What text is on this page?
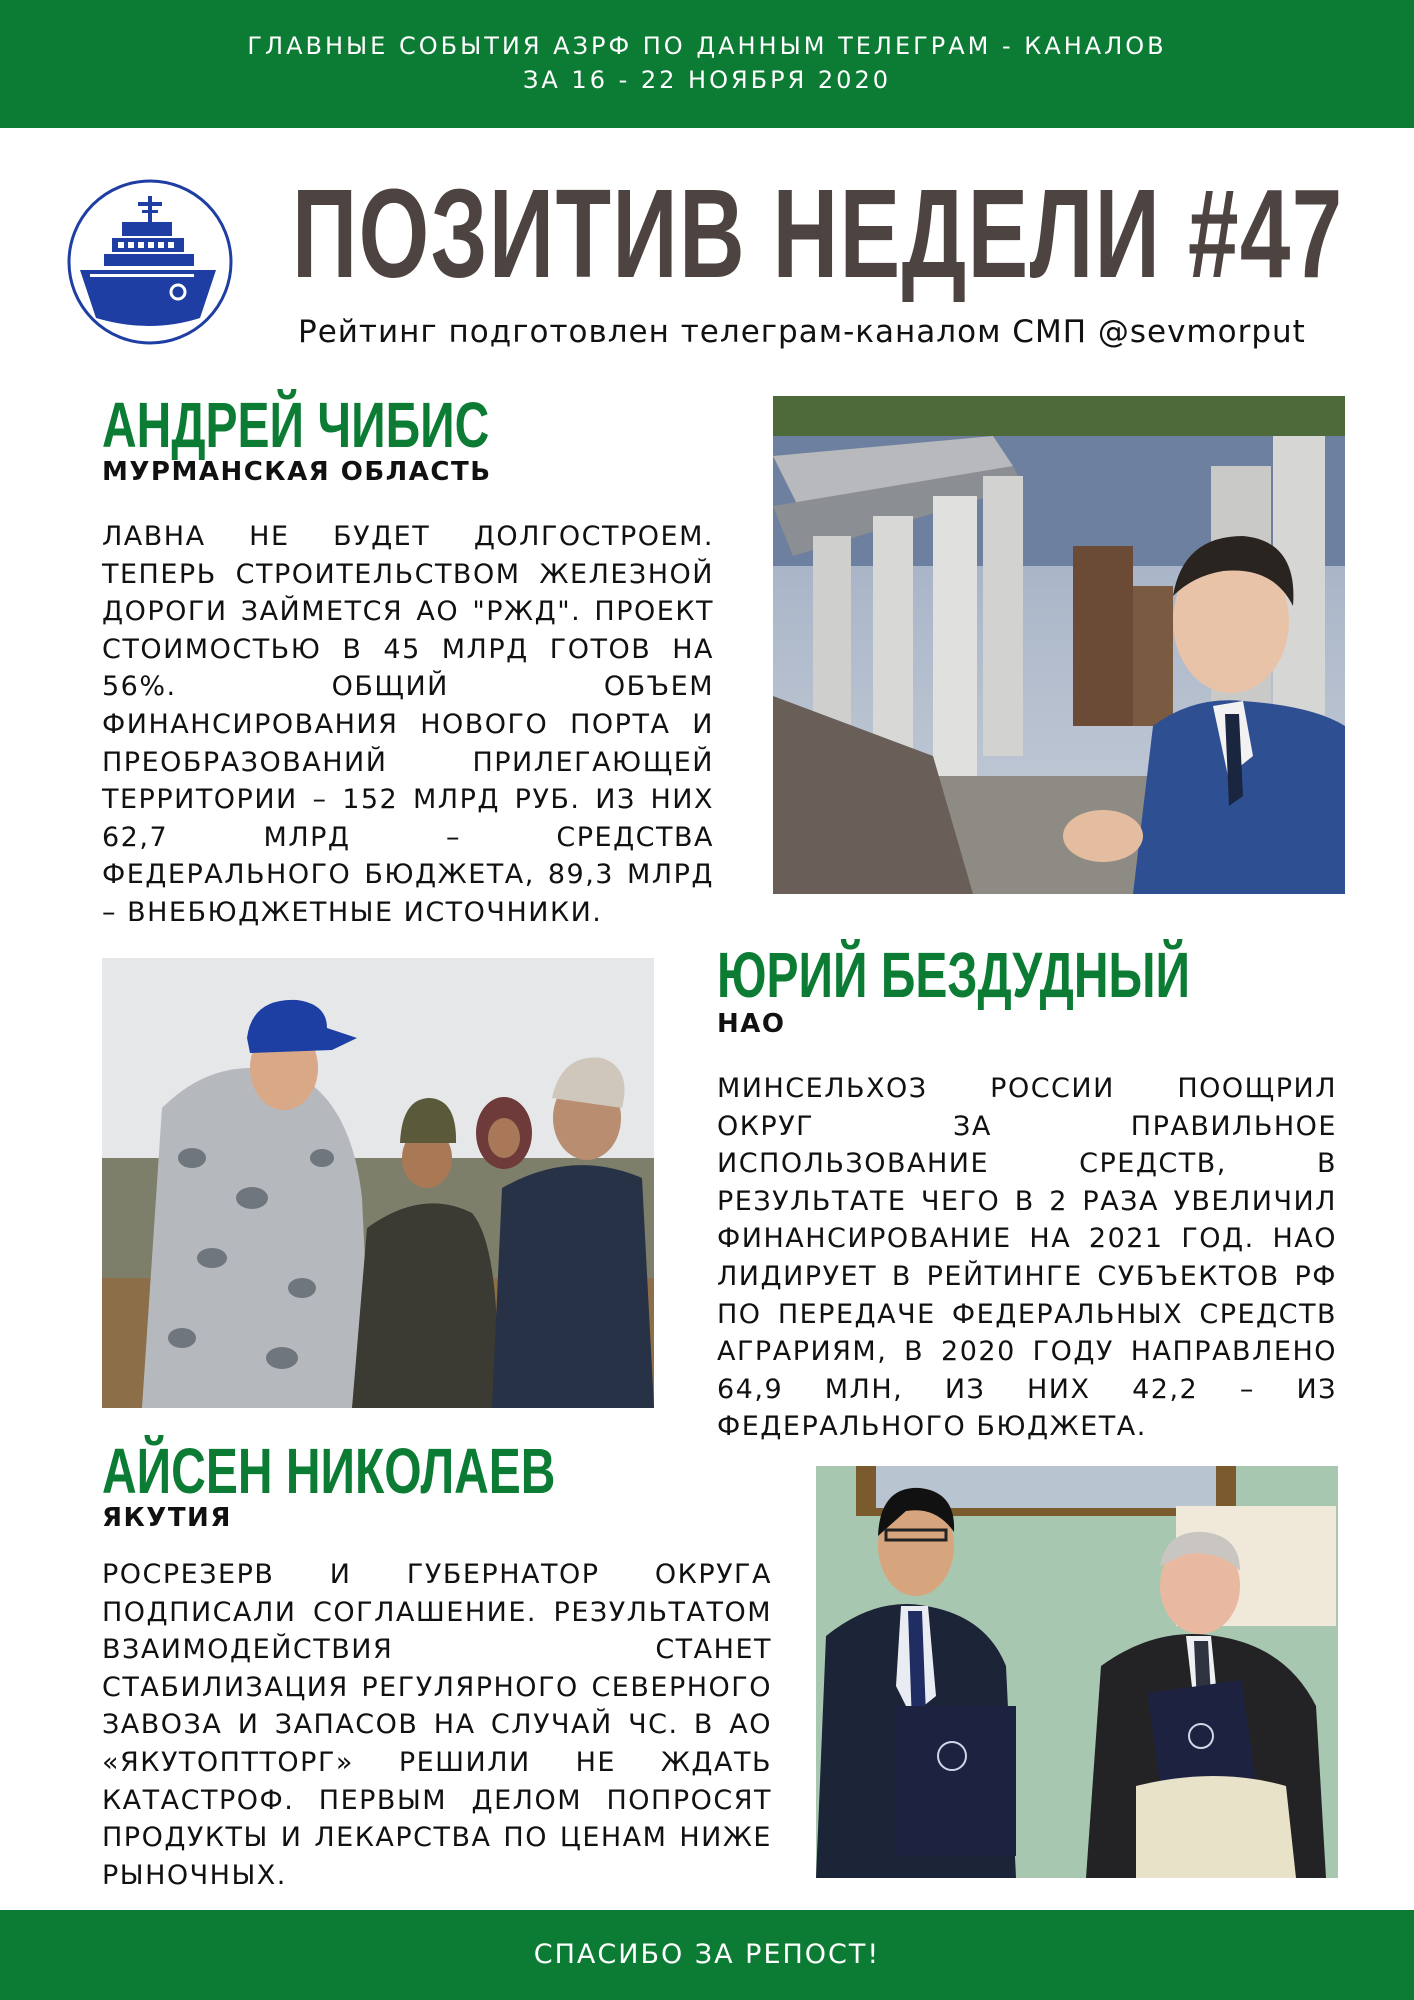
ГЛАВНЫЕ СОБЫТИЯ АЗРФ ПО ДАННЫМ ТЕЛЕГРАМ - КАНАЛОВ
ЗА 16 - 22 НОЯБРЯ 2020
ПОЗИТИВ НЕДЕЛИ #47
Рейтинг подготовлен телеграм-каналом СМП @sevmorput
АНДРЕЙ ЧИБИС
МУРМАНСКАЯ ОБЛАСТЬ

ЛАВНА НЕ БУДЕТ ДОЛГОСТРОЕМ. ТЕПЕРЬ СТРОИТЕЛЬСТВОМ ЖЕЛЕЗНОЙ ДОРОГИ ЗАЙМЕТСЯ АО "РЖД". ПРОЕКТ СТОИМОСТЬЮ В 45 МЛРД ГОТОВ НА 56%. ОБЩИЙ ОБЪЕМ ФИНАНСИРОВАНИЯ НОВОГО ПОРТА И ПРЕОБРАЗОВАНИЙ ПРИЛЕГАЮЩЕЙ ТЕРРИТОРИИ – 152 МЛРД РУБ. ИЗ НИХ 62,7 МЛРД – СРЕДСТВА ФЕДЕРАЛЬНОГО БЮДЖЕТА, 89,3 МЛРД – ВНЕБЮДЖЕТНЫЕ ИСТОЧНИКИ.

ЮРИЙ БЕЗДУДНЫЙ
НАО

МИНСЕЛЬХОЗ РОССИИ ПООЩРИЛ ОКРУГ ЗА ПРАВИЛЬНОЕ ИСПОЛЬЗОВАНИЕ СРЕДСТВ, В РЕЗУЛЬТАТЕ ЧЕГО В 2 РАЗА УВЕЛИЧИЛ ФИНАНСИРОВАНИЕ НА 2021 ГОД. НАО ЛИДИРУЕТ В РЕЙТИНГЕ СУБЪЕКТОВ РФ ПО ПЕРЕДАЧЕ ФЕДЕРАЛЬНЫХ СРЕДСТВ АГРАРИЯМ, В 2020 ГОДУ НАПРАВЛЕНО 64,9 МЛН, ИЗ НИХ 42,2 – ИЗ ФЕДЕРАЛЬНОГО БЮДЖЕТА.

АЙСЕН НИКОЛАЕВ
ЯКУТИЯ

РОСРЕЗЕРВ И ГУБЕРНАТОР ОКРУГА ПОДПИСАЛИ СОГЛАШЕНИЕ. РЕЗУЛЬТАТОМ ВЗАИМОДЕЙСТВИЯ СТАНЕТ СТАБИЛИЗАЦИЯ РЕГУЛЯРНОГО СЕВЕРНОГО ЗАВОЗА И ЗАПАСОВ НА СЛУЧАЙ ЧС. В АО «ЯКУТОПТТОРГ» РЕШИЛИ НЕ ЖДАТЬ КАТАСТРОФ. ПЕРВЫМ ДЕЛОМ ПОПРОСЯТ ПРОДУКТЫ И ЛЕКАРСТВА ПО ЦЕНАМ НИЖЕ РЫНОЧНЫХ.

СПАСИБО ЗА РЕПОСТ!
